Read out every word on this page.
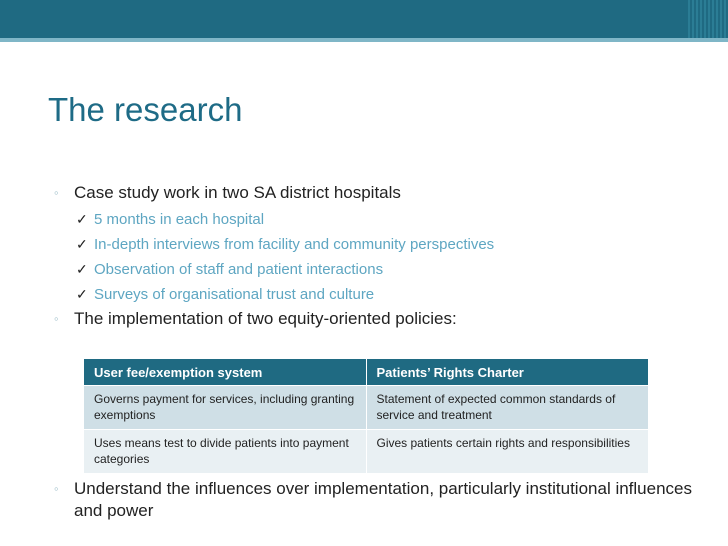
The research
◦ Case study work in two SA district hospitals
✓ 5 months in each hospital
✓ In-depth interviews from facility and community perspectives
✓ Observation of staff and patient interactions
✓ Surveys of organisational trust and culture
◦ The implementation of two equity-oriented policies:
User fee/exemption system	Patients’ Rights Charter
Governs payment for services, including granting exemptions	Statement of expected common standards of service and treatment
Uses means test to divide patients into payment categories	Gives patients certain rights and responsibilities
◦ Understand the influences over implementation, particularly institutional influences and power
